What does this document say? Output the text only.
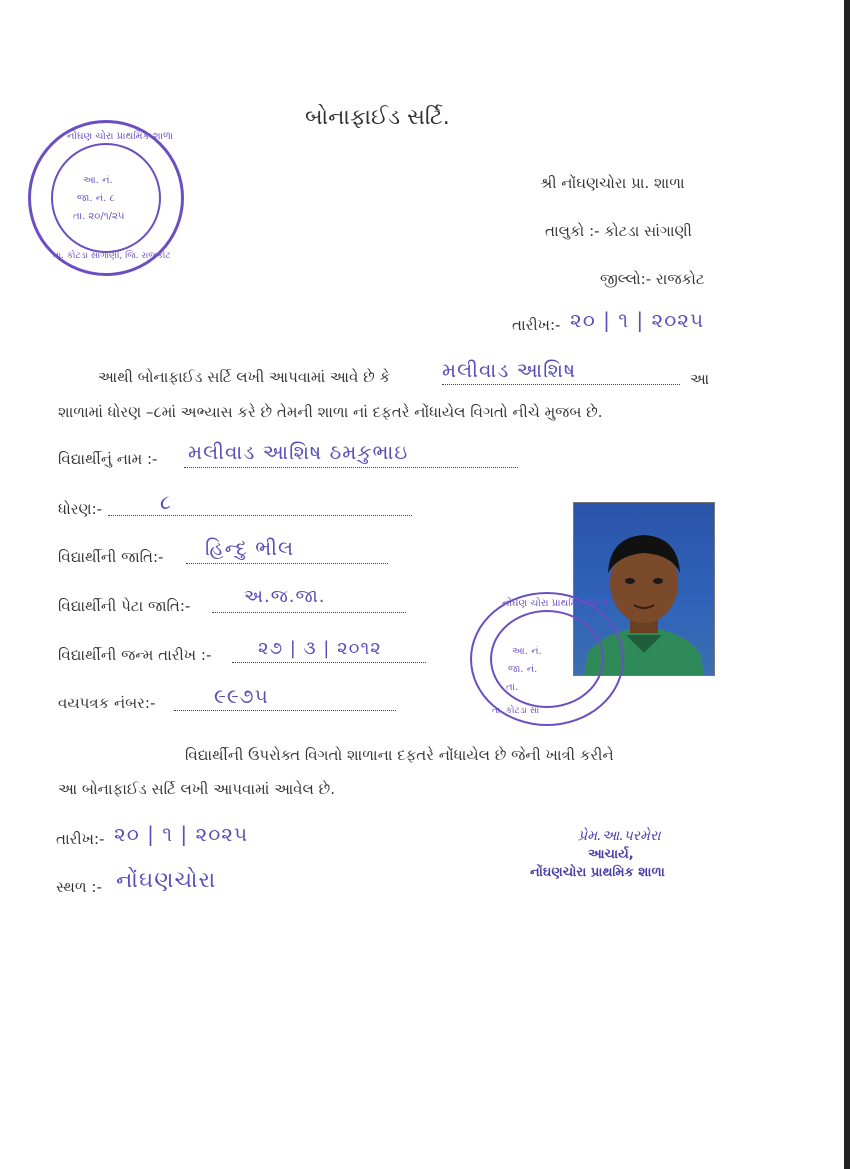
બોનાફાઈડ સર્ટિ.
નોંઘણ ચોરા પ્રાથમિક શાળા
આ. નં.
જા. નં. ૮
તા. ૨૦/૧/૨૫
તા. કોટડા સાંગાણી, જિ. રાજકોટ
શ્રી નોંઘણચોરા પ્રા. શાળા
તાલુકો :- કોટડા સાંગાણી
જીલ્લો:- રાજકોટ
તારીખ:- ૨૦ | ૧ | ૨૦૨૫
આથી બોનાફાઈડ સર્ટિ લખી આપવામાં આવે છે કે	મલીવાડ આશિષ	આ
શાળામાં ધોરણ –૮માં અભ્યાસ કરે છે તેમની શાળા નાં દફતરે નોંધાયેલ વિગતો નીચે મુજબ છે.
વિદ્યાર્થીનું નામ :- મલીવાડ આશિષ ઠમકુભાઇ
ધોરણ:-	૮
વિદ્યાર્થીની જાતિ:- હિન્દુ ભીલ
વિદ્યાર્થીની પેટા જાતિ:-	અ.જ.જા.
વિદ્યાર્થીની જન્મ તારીખ :-	૨૭ | ૩ | ૨૦૧૨
વયપત્રક નંબર:-	૯૯૭૫
નોંઘણ ચોરા પ્રાથમિક શાળા
આ. નં.
જા. નં.
તા.
તા. કોટડા સાં
વિદ્યાર્થીની ઉપરોક્ત વિગતો શાળાના દફતરે નોંધાયેલ છે જેની ખાત્રી કરીને
આ બોનાફાઈડ સર્ટિ લખી આપવામાં આવેલ છે.
તારીખ:- ૨૦ | ૧ | ૨૦૨૫
સ્થળ :- નોંઘણચોરા
પ્રેમ.આ.પરમેરા
આચાર્ય,
નોંઘણચોરા પ્રાથમિક શાળા
